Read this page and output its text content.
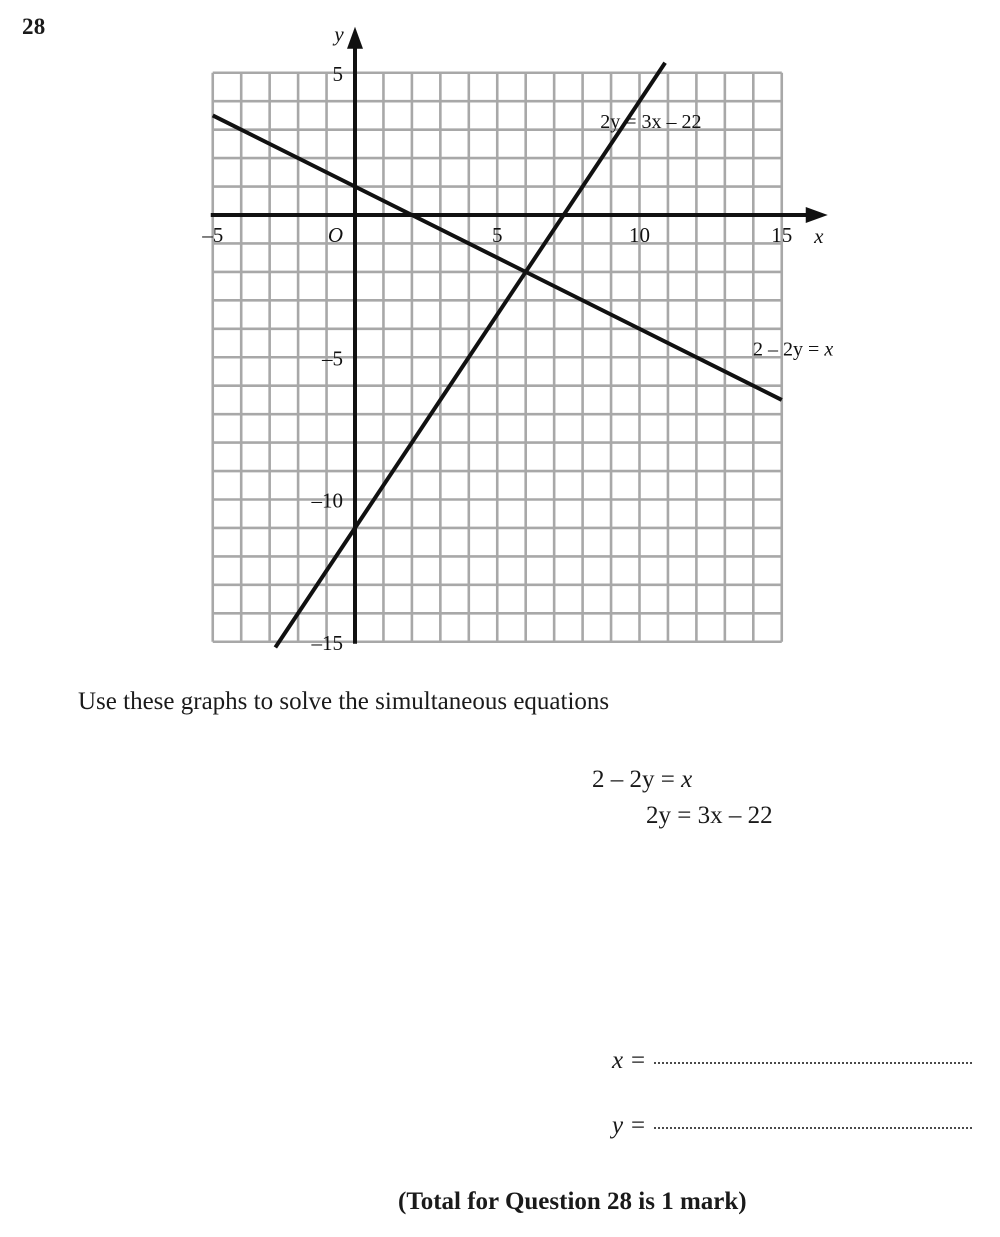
28
–5	5	10	15
5
–5
–10
–15
O	x
y
2 – 2y = x
2y = 3x – 22
Use these graphs to solve the simultaneous equations
2 – 2y = x
2y = 3x – 22
x =
y =
(Total for Question 28 is 1 mark)
